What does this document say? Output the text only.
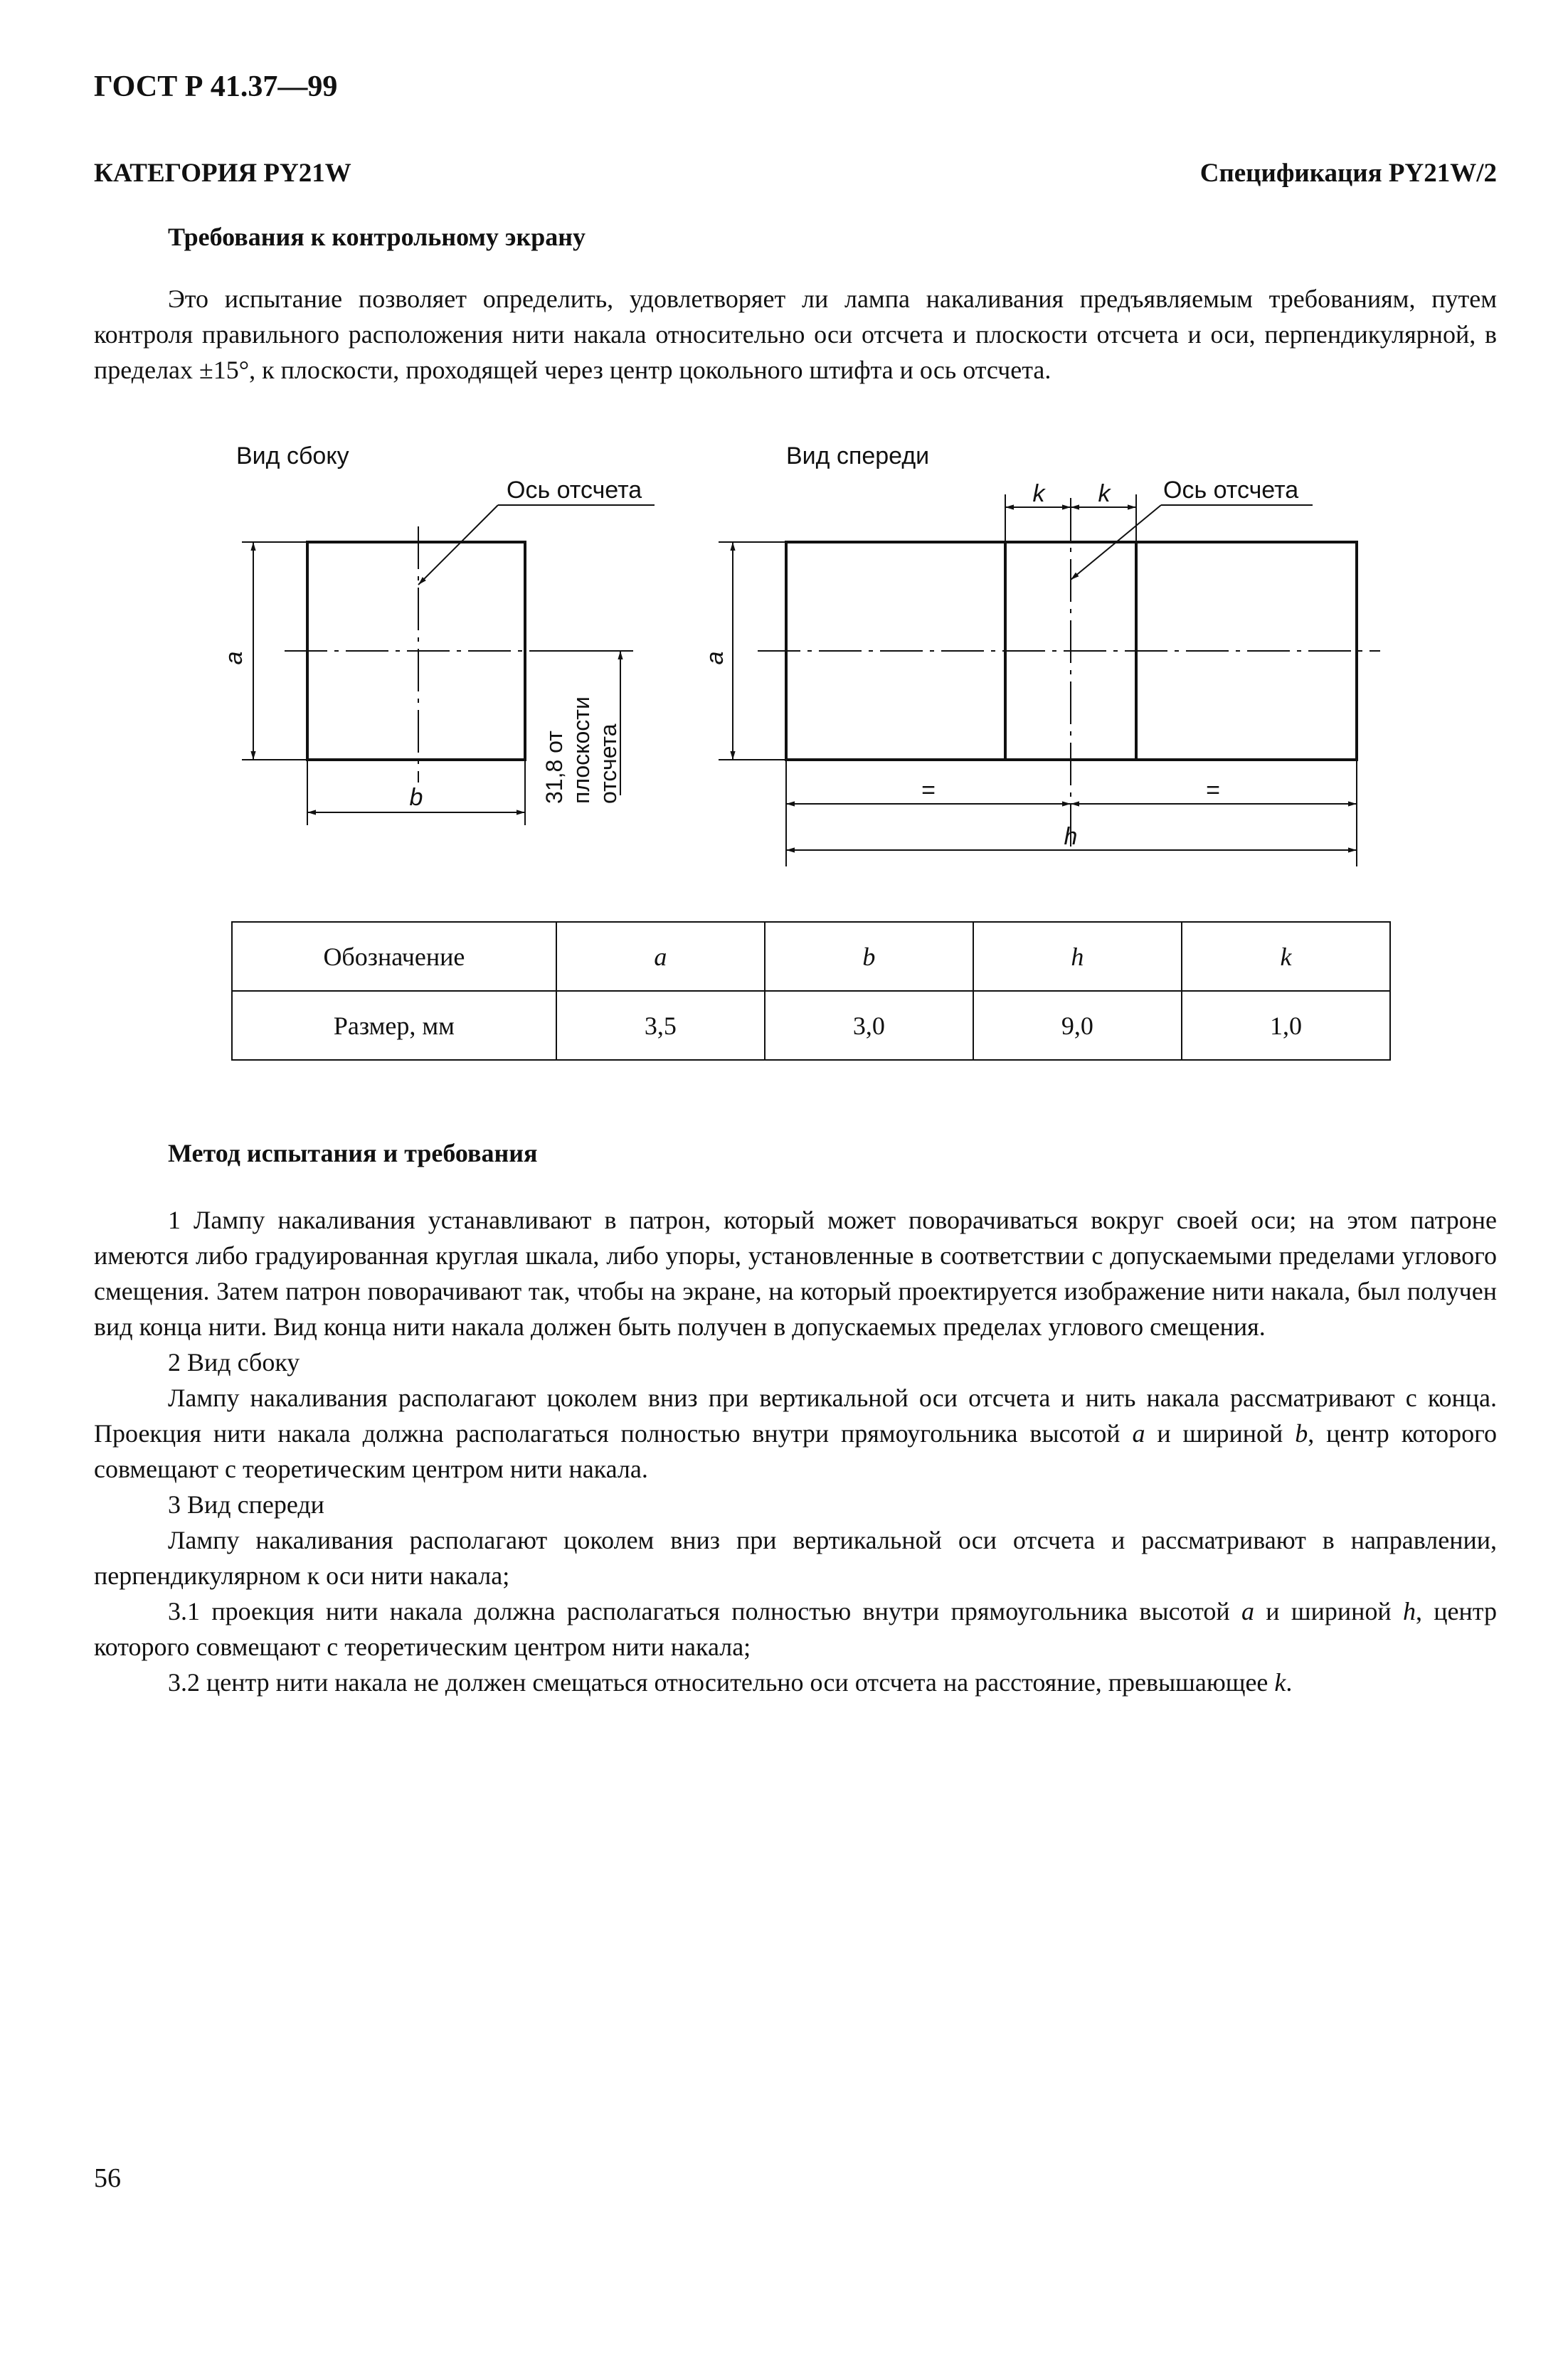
ГОСТ Р 41.37—99
КАТЕГОРИЯ PY21W	Спецификация PY21W/2
Требования к контрольному экрану
Это испытание позволяет определить, удовлетворяет ли лампа накаливания предъявляемым требованиям, путем контроля правильного расположения нити накала относительно оси отсчета и плоскости отсчета и оси, перпендикулярной, в пределах ±15°, к плоскости, проходящей через центр цокольного штифта и ось отсчета.
Вид сбоку	Вид спереди
Ось отсчета	Ось отсчета
a
b
a
k k
=	=
h
31,8 от плоскости отсчета
Обозначение	a	b	h	k
Размер, мм	3,5	3,0	9,0	1,0
Метод испытания и требования

1 Лампу накаливания устанавливают в патрон, который может поворачиваться вокруг своей оси; на этом патроне имеются либо градуированная круглая шкала, либо упоры, установленные в соответствии с допускаемыми пределами углового смещения. Затем патрон поворачивают так, чтобы на экране, на который проектируется изображение нити накала, был получен вид конца нити. Вид конца нити накала должен быть получен в допускаемых пределах углового смещения.

2 Вид сбоку

Лампу накаливания располагают цоколем вниз при вертикальной оси отсчета и нить накала рассматривают с конца. Проекция нити накала должна располагаться полностью внутри прямоугольника высотой a и шириной b, центр которого совмещают с теоретическим центром нити накала.

3 Вид спереди

Лампу накаливания располагают цоколем вниз при вертикальной оси отсчета и рассматривают в направлении, перпендикулярном к оси нити накала;

3.1 проекция нити накала должна располагаться полностью внутри прямоугольника высотой a и шириной h, центр которого совмещают с теоретическим центром нити накала;

3.2 центр нити накала не должен смещаться относительно оси отсчета на расстояние, превышающее k.

56
